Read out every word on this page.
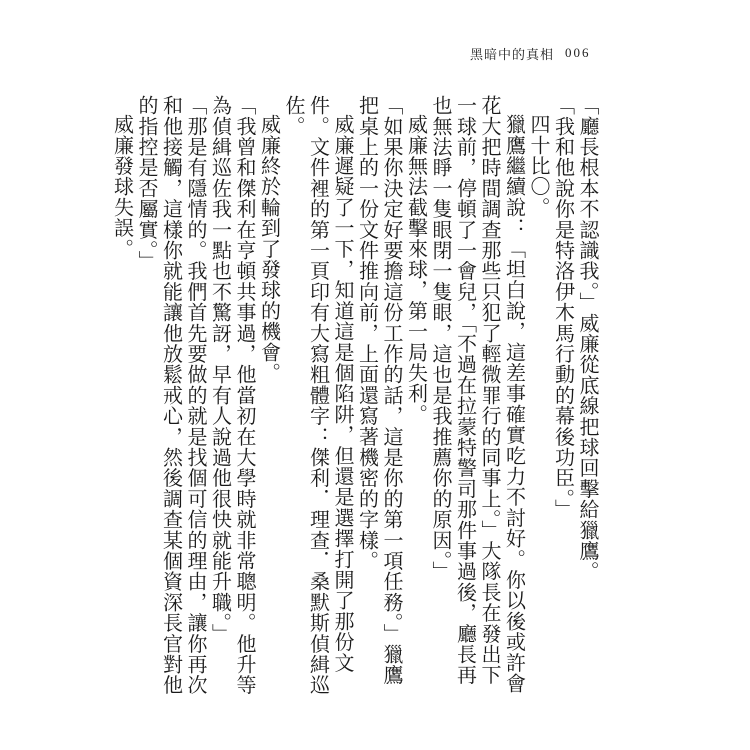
黑暗中的真相 006

「廳長根本不認識我。」威廉從底線把球回擊給獵鷹。

「我和他說你是特洛伊木馬行動的幕後功臣。」

四十比〇。

獵鷹繼續說：「坦白說，這差事確實吃力不討好。你以後或許會花大把時間調查那些只犯了輕微罪行的同事上。」大隊長在發出下一球前，停頓了一會兒，「不過在拉蒙特警司那件事過後，廳長再也無法睜一隻眼閉一隻眼，這也是我推薦你的原因。」

威廉無法截擊來球，第一局失利。

「如果你決定好要擔這份工作的話，這是你的第一項任務。」獵鷹把桌上的一份文件推向前，上面還寫著機密的字樣。

威廉遲疑了一下，知道這是個陷阱，但還是選擇打開了那份文件。文件裡的第一頁印有大寫粗體字：傑利．理查．桑默斯偵緝巡佐。

威廉終於輪到了發球的機會。

「我曾和傑利在亨頓共事過，他當初在大學時就非常聰明。他升等為偵緝巡佐我一點也不驚訝，早有人說過他很快就能升職。」

「那是有隱情的。我們首先要做的就是找個可信的理由，讓你再次和他接觸，這樣你就能讓他放鬆戒心，然後調查某個資深長官對他的指控是否屬實。」

威廉發球失誤。
